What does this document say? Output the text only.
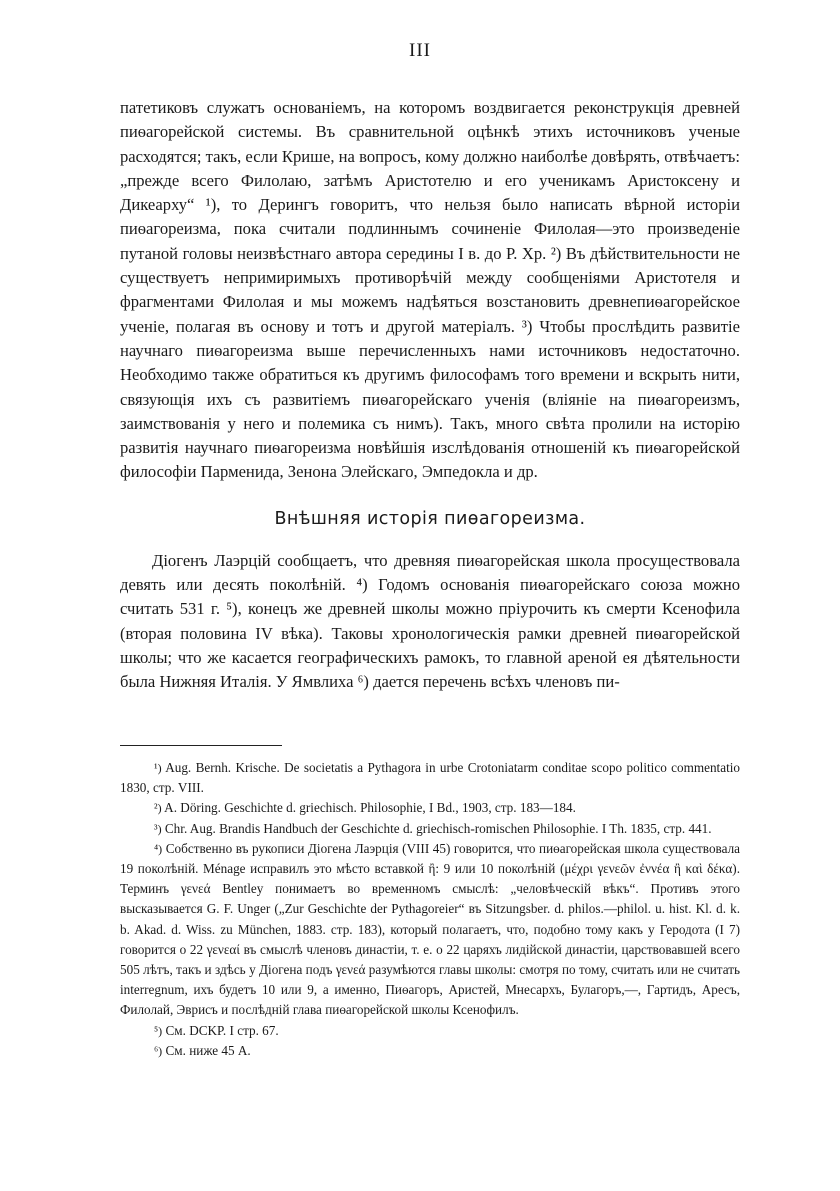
III

патетиковъ служатъ основаніемъ, на которомъ воздвигается реконструкція древней пиѳагорейской системы. Въ сравнительной оцѣнкѣ этихъ источниковъ ученые расходятся; такъ, если Крише, на вопросъ, кому должно наиболѣе довѣрять, отвѣчаетъ: „прежде всего Филолаю, затѣмъ Аристотелю и его ученикамъ Аристоксену и Дикеарху“ ¹), то Дерингъ говоритъ, что нельзя было написать вѣрной исторіи пиѳагореизма, пока считали подлиннымъ сочиненіе Филолая—это произведеніе путаной головы неизвѣстнаго автора середины I в. до Р. Хр. ²) Въ дѣйствительности не существуетъ непримиримыхъ противорѣчій между сообщеніями Аристотеля и фрагментами Филолая и мы можемъ надѣяться возстановить древнепиѳагорейское ученіе, полагая въ основу и тотъ и другой матеріалъ. ³) Чтобы прослѣдить развитіе научнаго пиѳагореизма выше перечисленныхъ нами источниковъ недостаточно. Необходимо также обратиться къ другимъ философамъ того времени и вскрыть нити, связующія ихъ съ развитіемъ пиѳагорейскаго ученія (вліяніе на пиѳагореизмъ, заимствованія у него и полемика съ нимъ). Такъ, много свѣта пролили на исторію развитія научнаго пиѳагореизма новѣйшія изслѣдованія отношеній къ пиѳагорейской философіи Парменида, Зенона Элейскаго, Эмпедокла и др.

Внѣшняя исторія пиѳагореизма.

Діогенъ Лаэрцій сообщаетъ, что древняя пиѳагорейская школа просуществовала девять или десять поколѣній. ⁴) Годомъ основанія пиѳагорейскаго союза можно считать 531 г. ⁵), конецъ же древней школы можно пріурочить къ смерти Ксенофила (вторая половина IV вѣка). Таковы хронологическія рамки древней пиѳагорейской школы; что же касается географическихъ рамокъ, то главной ареной ея дѣятельности была Нижняя Италія. У Ямвлиха ⁶) дается перечень всѣхъ членовъ пи-

¹) Aug. Bernh. Krische. De societatis a Pythagora in urbe Crotoniatarm conditae scopo politico commentatio 1830, стр. VIII.

²) A. Döring. Geschichte d. griechisch. Philosophie, I Bd., 1903, стр. 183—184.

³) Chr. Aug. Brandis Handbuch der Geschichte d. griechisch-romischen Philosophie. I Th. 1835, стр. 441.

⁴) Собственно въ рукописи Діогена Лаэрція (VIII 45) говорится, что пиѳагорейская школа существовала 19 поколѣній. Ménage исправилъ это мѣсто вставкой ἢ: 9 или 10 поколѣній (μέχρι γενεῶν ἐννέα ἢ καὶ δέκα). Терминъ γενεά Bentley понимаетъ во временномъ смыслѣ: „человѣческій вѣкъ“. Противъ этого высказывается G. F. Unger („Zur Geschichte der Pythagoreier“ въ Sitzungsber. d. philos.—philol. u. hist. Kl. d. k. b. Akad. d. Wiss. zu München, 1883. стр. 183), который полагаетъ, что, подобно тому какъ у Геродота (I 7) говорится о 22 γενεαί въ смыслѣ членовъ династіи, т. е. о 22 царяхъ лидійской династіи, царствовавшей всего 505 лѣтъ, такъ и здѣсь у Діогена подъ γενεά разумѣются главы школы: смотря по тому, считать или не считать interregnum, ихъ будетъ 10 или 9, а именно, Пиѳагоръ, Аристей, Мнесархъ, Булагоръ,—, Гартидъ, Аресъ, Филолай, Эврисъ и послѣдній глава пиѳагорейской школы Ксенофилъ.

⁵) См. DCKP. I стр. 67.

⁶) См. ниже 45 A.
